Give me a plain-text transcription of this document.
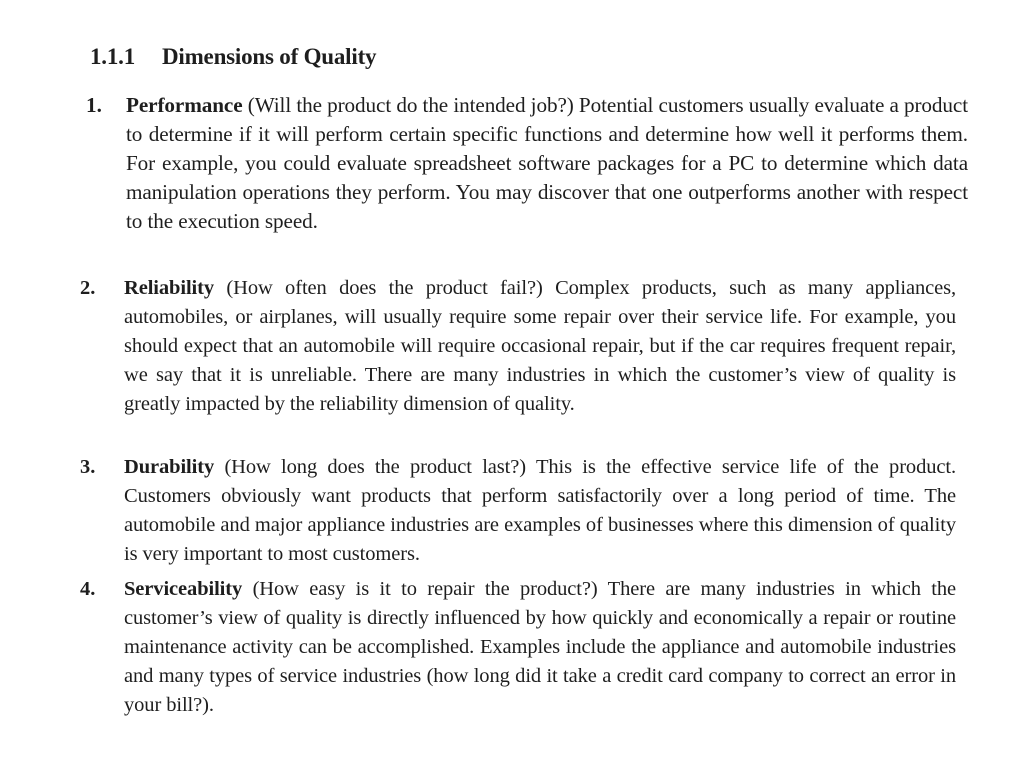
1.1.1 Dimensions of Quality
1. Performance (Will the product do the intended job?) Potential customers usually evaluate a product to determine if it will perform certain specific functions and determine how well it performs them. For example, you could evaluate spreadsheet software packages for a PC to determine which data manipulation operations they perform. You may discover that one outperforms another with respect to the execution speed.
2. Reliability (How often does the product fail?) Complex products, such as many appliances, automobiles, or airplanes, will usually require some repair over their service life. For example, you should expect that an automobile will require occasional repair, but if the car requires frequent repair, we say that it is unreliable. There are many industries in which the customer’s view of quality is greatly impacted by the reliability dimension of quality.
3. Durability (How long does the product last?) This is the effective service life of the product. Customers obviously want products that perform satisfactorily over a long period of time. The automobile and major appliance industries are examples of businesses where this dimension of quality is very important to most customers.
4. Serviceability (How easy is it to repair the product?) There are many industries in which the customer’s view of quality is directly influenced by how quickly and economically a repair or routine maintenance activity can be accomplished. Examples include the appliance and automobile industries and many types of service industries (how long did it take a credit card company to correct an error in your bill?).
